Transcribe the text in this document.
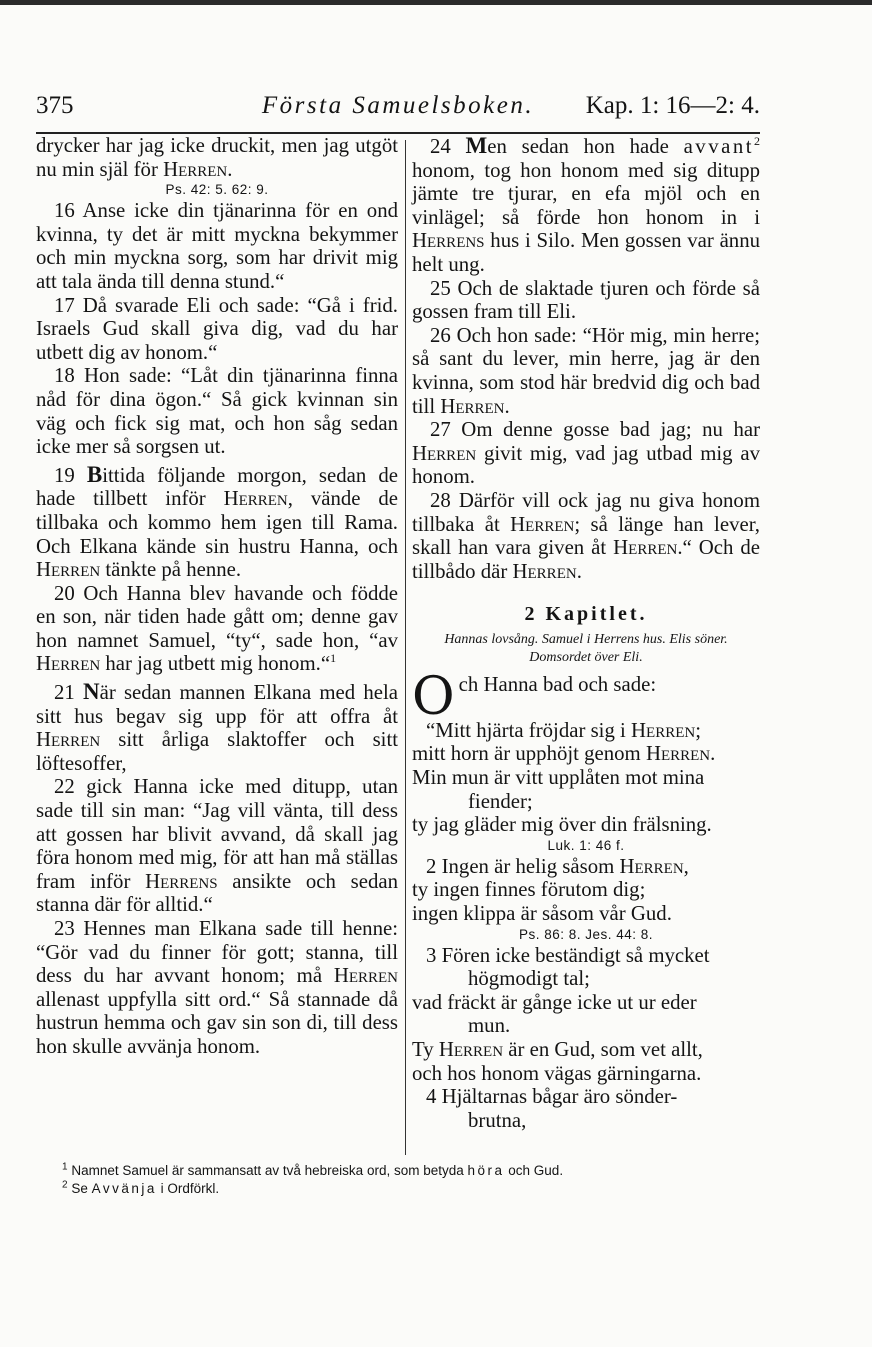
375	Första Samuelsboken.	Kap. 1: 16—2: 4.

drycker har jag icke druckit, men jag utgöt nu min själ för Herren.

Ps. 42: 5. 62: 9.

16 Anse icke din tjänarinna för en ond kvinna, ty det är mitt myckna bekymmer och min myckna sorg, som har drivit mig att tala ända till denna stund.“

17 Då svarade Eli och sade: “Gå i frid. Israels Gud skall giva dig, vad du har utbett dig av honom.“

18 Hon sade: “Låt din tjänarinna finna nåd för dina ögon.“ Så gick kvinnan sin väg och fick sig mat, och hon såg sedan icke mer så sorgsen ut.

19 Bittida följande morgon, sedan de hade tillbett inför Herren, vände de tillbaka och kommo hem igen till Rama. Och Elkana kände sin hustru Hanna, och Herren tänkte på henne.

20 Och Hanna blev havande och födde en son, när tiden hade gått om; denne gav hon namnet Samuel, “ty“, sade hon, “av Herren har jag utbett mig honom.“$^1$

21 När sedan mannen Elkana med hela sitt hus begav sig upp för att offra åt Herren sitt årliga slaktoffer och sitt löftesoffer,

22 gick Hanna icke med ditupp, utan sade till sin man: “Jag vill vänta, till dess att gossen har blivit avvand, då skall jag föra honom med mig, för att han må ställas fram inför Herrens ansikte och sedan stanna där för alltid.“

23 Hennes man Elkana sade till henne: “Gör vad du finner för gott; stanna, till dess du har avvant honom; må Herren allenast uppfylla sitt ord.“ Så stannade då hustrun hemma och gav sin son di, till dess hon skulle avvänja honom.

24 Men sedan hon hade avvant$^2$ honom, tog hon honom med sig ditupp jämte tre tjurar, en efa mjöl och en vinlägel; så förde hon honom in i Herrens hus i Silo. Men gossen var ännu helt ung.

25 Och de slaktade tjuren och förde så gossen fram till Eli.

26 Och hon sade: “Hör mig, min herre; så sant du lever, min herre, jag är den kvinna, som stod här bredvid dig och bad till Herren.

27 Om denne gosse bad jag; nu har Herren givit mig, vad jag utbad mig av honom.

28 Därför vill ock jag nu giva honom tillbaka åt Herren; så länge han lever, skall han vara given åt Herren.“ Och de tillbådo där Herren.

2 Kapitlet.

Hannas lovsång. Samuel i Herrens hus. Elis söner. Domsordet över Eli.

Och Hanna bad och sade:

“Mitt hjärta fröjdar sig i Herren;

mitt horn är upphöjt genom Herren.

Min mun är vitt upplåten mot mina

fiender;

ty jag gläder mig över din frälsning.

Luk. 1: 46 f.

2 Ingen är helig såsom Herren,

ty ingen finnes förutom dig;

ingen klippa är såsom vår Gud.

Ps. 86: 8. Jes. 44: 8.

3 Fören icke beständigt så mycket

högmodigt tal;

vad fräckt är gånge icke ut ur eder

mun.

Ty Herren är en Gud, som vet allt,

och hos honom vägas gärningarna.

4 Hjältarnas bågar äro sönder-

brutna,

$^1$ Namnet Samuel är sammansatt av två hebreiska ord, som betyda höra och Gud.

$^2$ Se Avvänja i Ordförkl.
